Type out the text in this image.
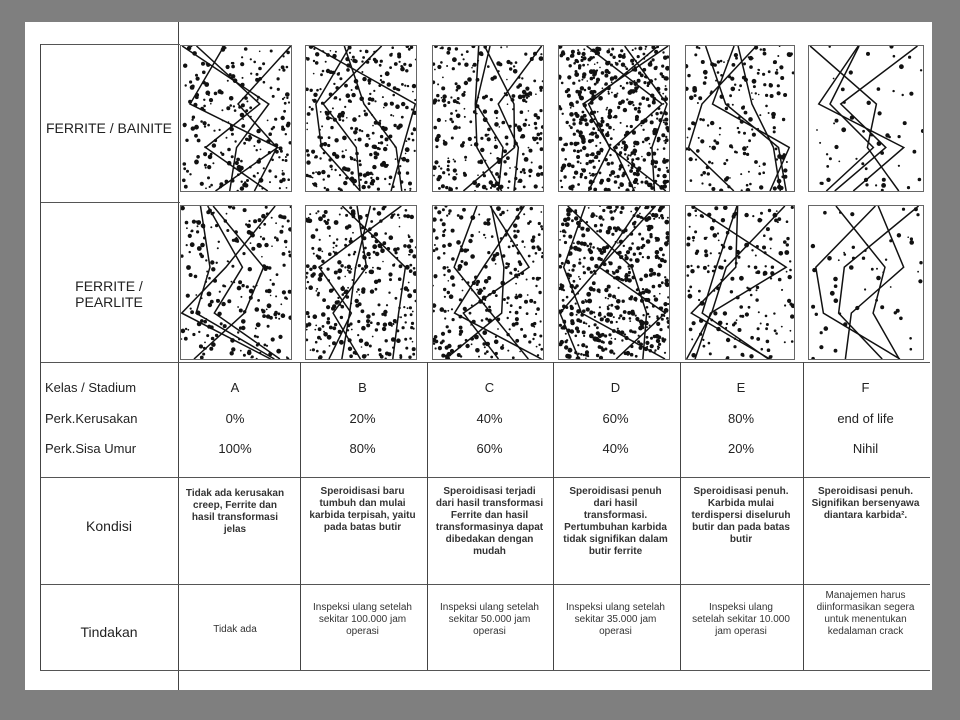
FERRITE / BAINITE
FERRITE / PEARLITE
Kelas / Stadium
Perk.Kerusakan
Perk.Sisa Umur
Kondisi
Tindakan
A
0%
100%
Tidak ada kerusakan creep, Ferrite dan hasil transformasi jelas
Tidak ada
B
20%
80%
Speroidisasi baru tumbuh dan mulai karbida terpisah, yaitu pada batas butir
Inspeksi ulang setelah sekitar 100.000 jam operasi
C
40%
60%
Speroidisasi terjadi dari hasil transformasi Ferrite dan hasil transformasinya dapat dibedakan dengan mudah
Inspeksi ulang setelah sekitar 50.000 jam operasi
D
60%
40%
Speroidisasi penuh dari hasil transformasi. Pertumbuhan karbida tidak signifikan dalam butir ferrite
Inspeksi ulang setelah sekitar 35.000 jam operasi
E
80%
20%
Speroidisasi penuh. Karbida mulai terdispersi diseluruh butir dan pada batas butir
Inspeksi ulang setelah sekitar 10.000 jam operasi
F
end of life
Nihil
Speroidisasi penuh. Signifikan bersenyawa diantara karbida².
Manajemen harus diinformasikan segera untuk menentukan kedalaman crack
